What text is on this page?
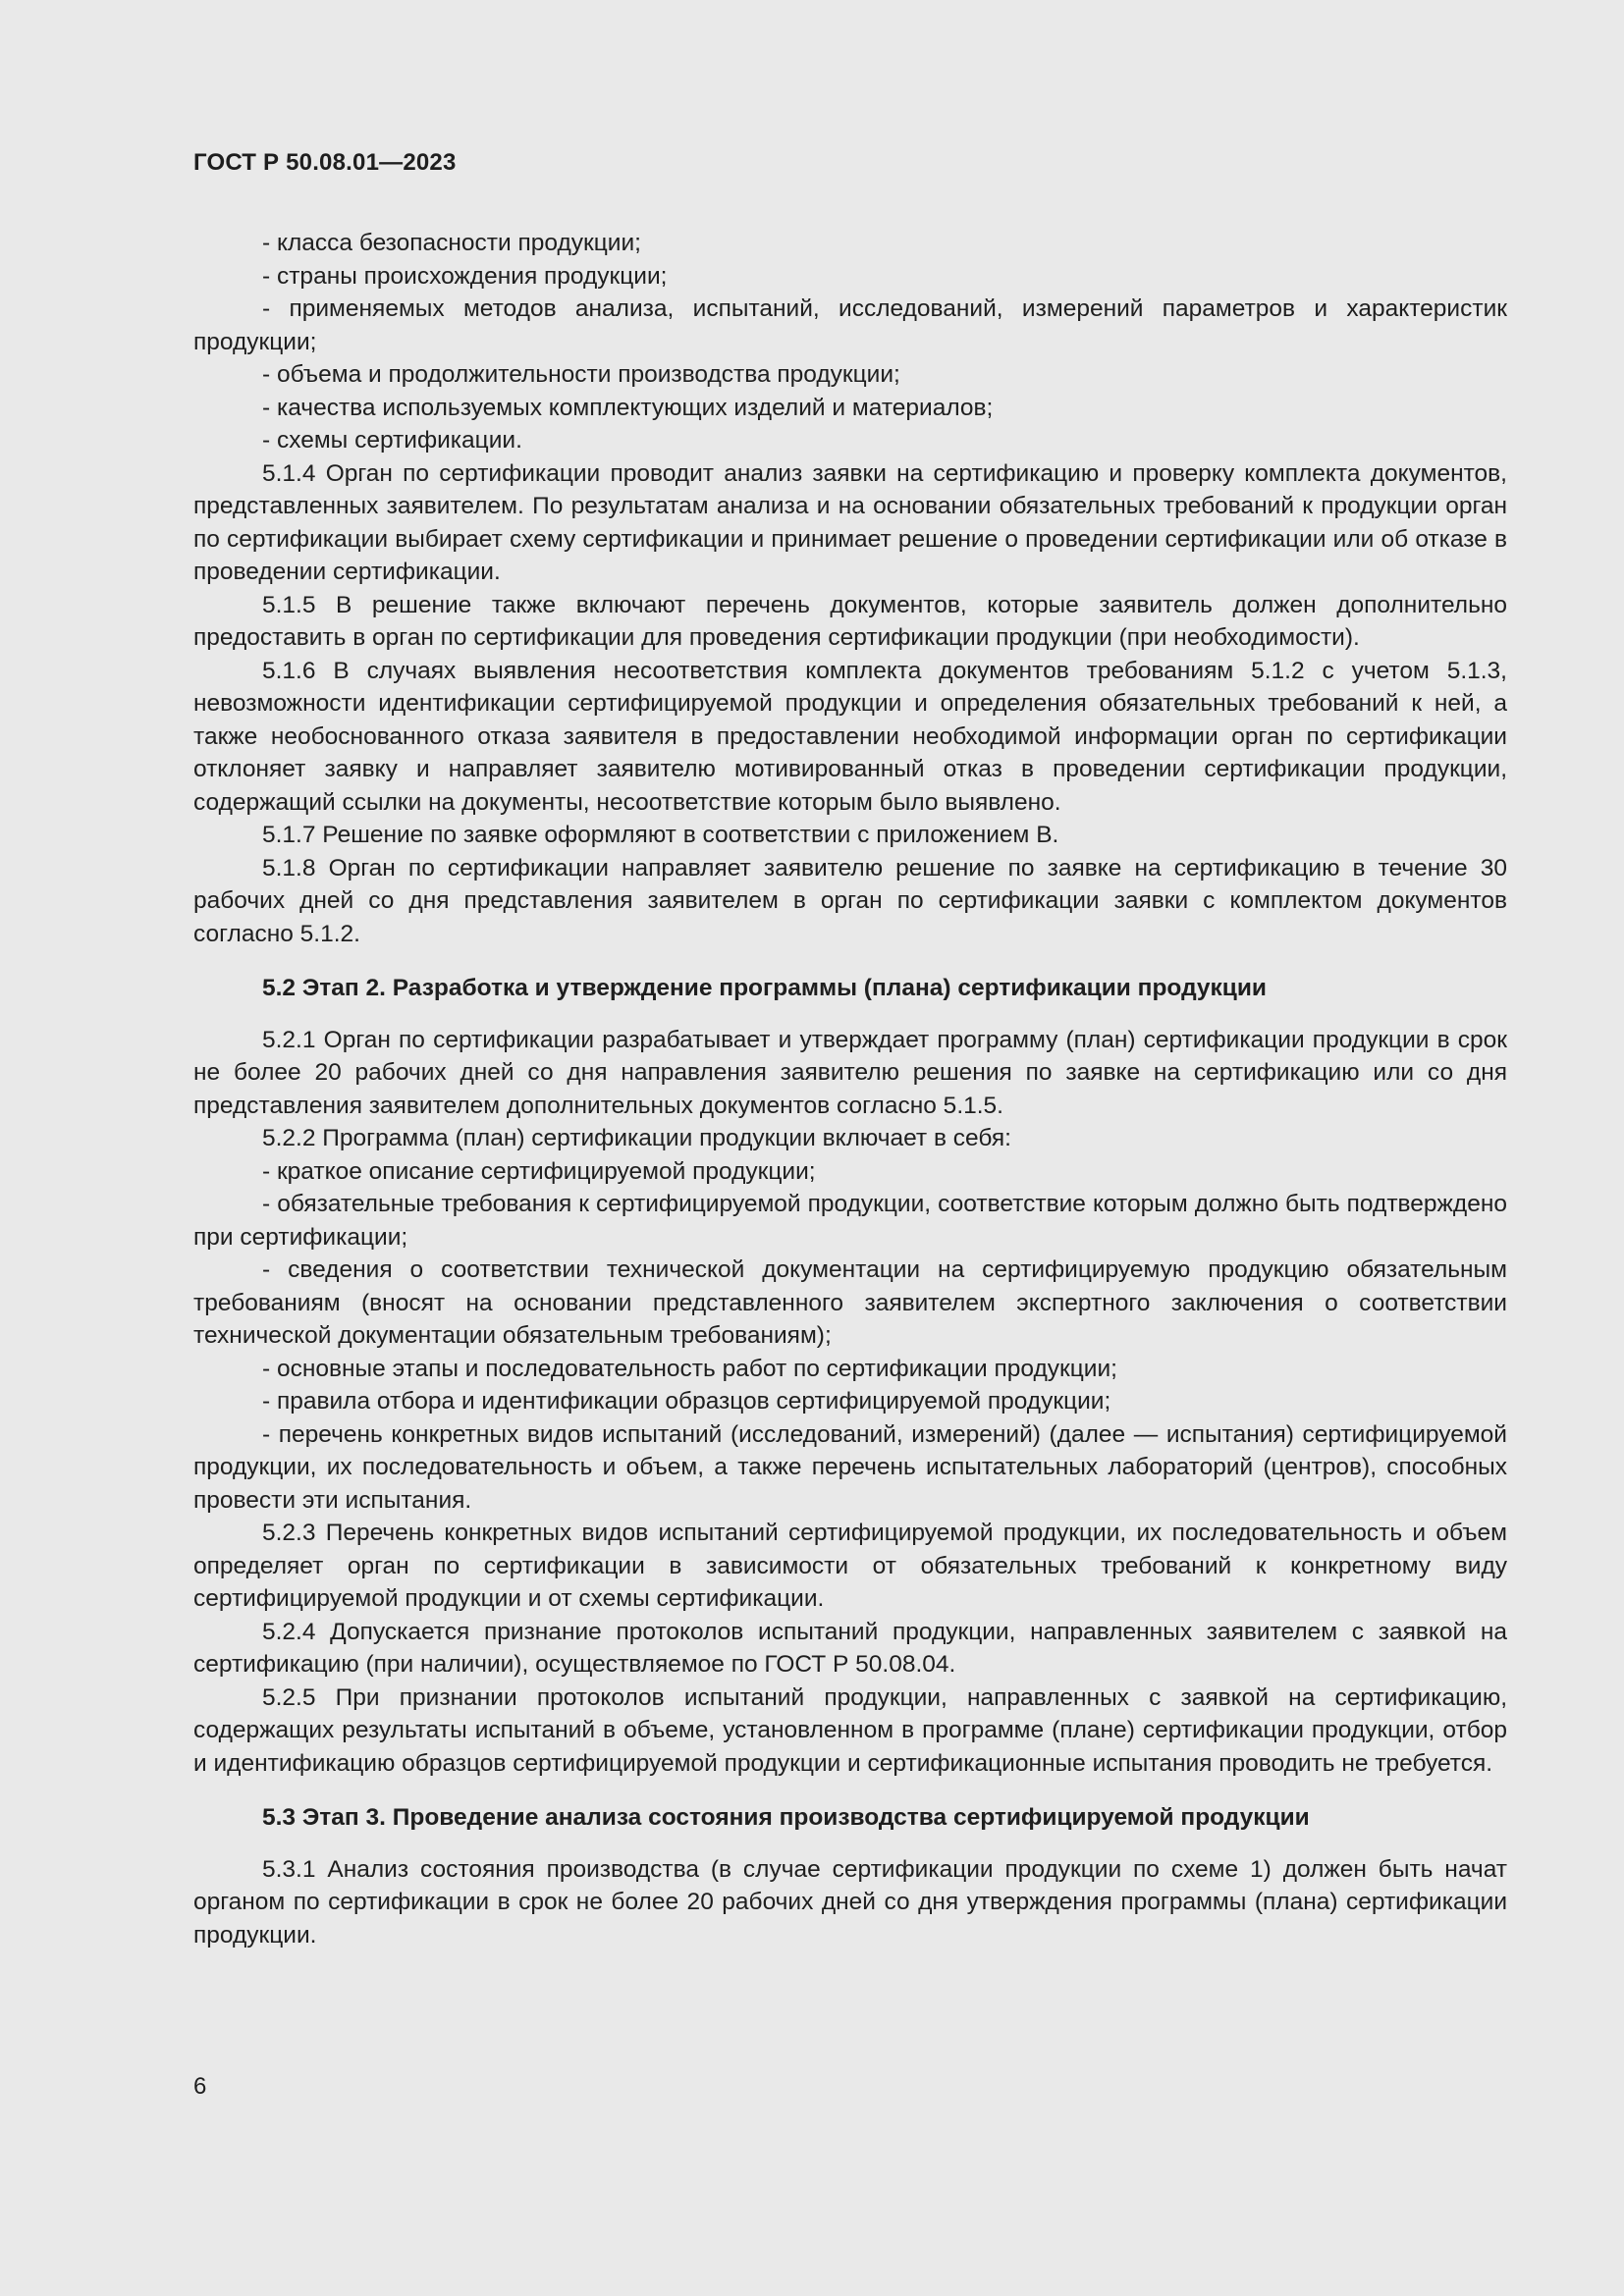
ГОСТ Р 50.08.01—2023

- класса безопасности продукции;

- страны происхождения продукции;

- применяемых методов анализа, испытаний, исследований, измерений параметров и характеристик продукции;

- объема и продолжительности производства продукции;

- качества используемых комплектующих изделий и материалов;

- схемы сертификации.

5.1.4 Орган по сертификации проводит анализ заявки на сертификацию и проверку комплекта документов, представленных заявителем. По результатам анализа и на основании обязательных требований к продукции орган по сертификации выбирает схему сертификации и принимает решение о проведении сертификации или об отказе в проведении сертификации.

5.1.5 В решение также включают перечень документов, которые заявитель должен дополнительно предоставить в орган по сертификации для проведения сертификации продукции (при необходимости).

5.1.6 В случаях выявления несоответствия комплекта документов требованиям 5.1.2 с учетом 5.1.3, невозможности идентификации сертифицируемой продукции и определения обязательных требований к ней, а также необоснованного отказа заявителя в предоставлении необходимой информации орган по сертификации отклоняет заявку и направляет заявителю мотивированный отказ в проведении сертификации продукции, содержащий ссылки на документы, несоответствие которым было выявлено.

5.1.7 Решение по заявке оформляют в соответствии с приложением В.

5.1.8 Орган по сертификации направляет заявителю решение по заявке на сертификацию в течение 30 рабочих дней со дня представления заявителем в орган по сертификации заявки с комплектом документов согласно 5.1.2.

5.2 Этап 2. Разработка и утверждение программы (плана) сертификации продукции

5.2.1 Орган по сертификации разрабатывает и утверждает программу (план) сертификации продукции в срок не более 20 рабочих дней со дня направления заявителю решения по заявке на сертификацию или со дня представления заявителем дополнительных документов согласно 5.1.5.

5.2.2 Программа (план) сертификации продукции включает в себя:

- краткое описание сертифицируемой продукции;

- обязательные требования к сертифицируемой продукции, соответствие которым должно быть подтверждено при сертификации;

- сведения о соответствии технической документации на сертифицируемую продукцию обязательным требованиям (вносят на основании представленного заявителем экспертного заключения о соответствии технической документации обязательным требованиям);

- основные этапы и последовательность работ по сертификации продукции;

- правила отбора и идентификации образцов сертифицируемой продукции;

- перечень конкретных видов испытаний (исследований, измерений) (далее — испытания) сертифицируемой продукции, их последовательность и объем, а также перечень испытательных лабораторий (центров), способных провести эти испытания.

5.2.3 Перечень конкретных видов испытаний сертифицируемой продукции, их последовательность и объем определяет орган по сертификации в зависимости от обязательных требований к конкретному виду сертифицируемой продукции и от схемы сертификации.

5.2.4 Допускается признание протоколов испытаний продукции, направленных заявителем с заявкой на сертификацию (при наличии), осуществляемое по ГОСТ Р 50.08.04.

5.2.5 При признании протоколов испытаний продукции, направленных с заявкой на сертификацию, содержащих результаты испытаний в объеме, установленном в программе (плане) сертификации продукции, отбор и идентификацию образцов сертифицируемой продукции и сертификационные испытания проводить не требуется.

5.3 Этап 3. Проведение анализа состояния производства сертифицируемой продукции

5.3.1 Анализ состояния производства (в случае сертификации продукции по схеме 1) должен быть начат органом по сертификации в срок не более 20 рабочих дней со дня утверждения программы (плана) сертификации продукции.

6
